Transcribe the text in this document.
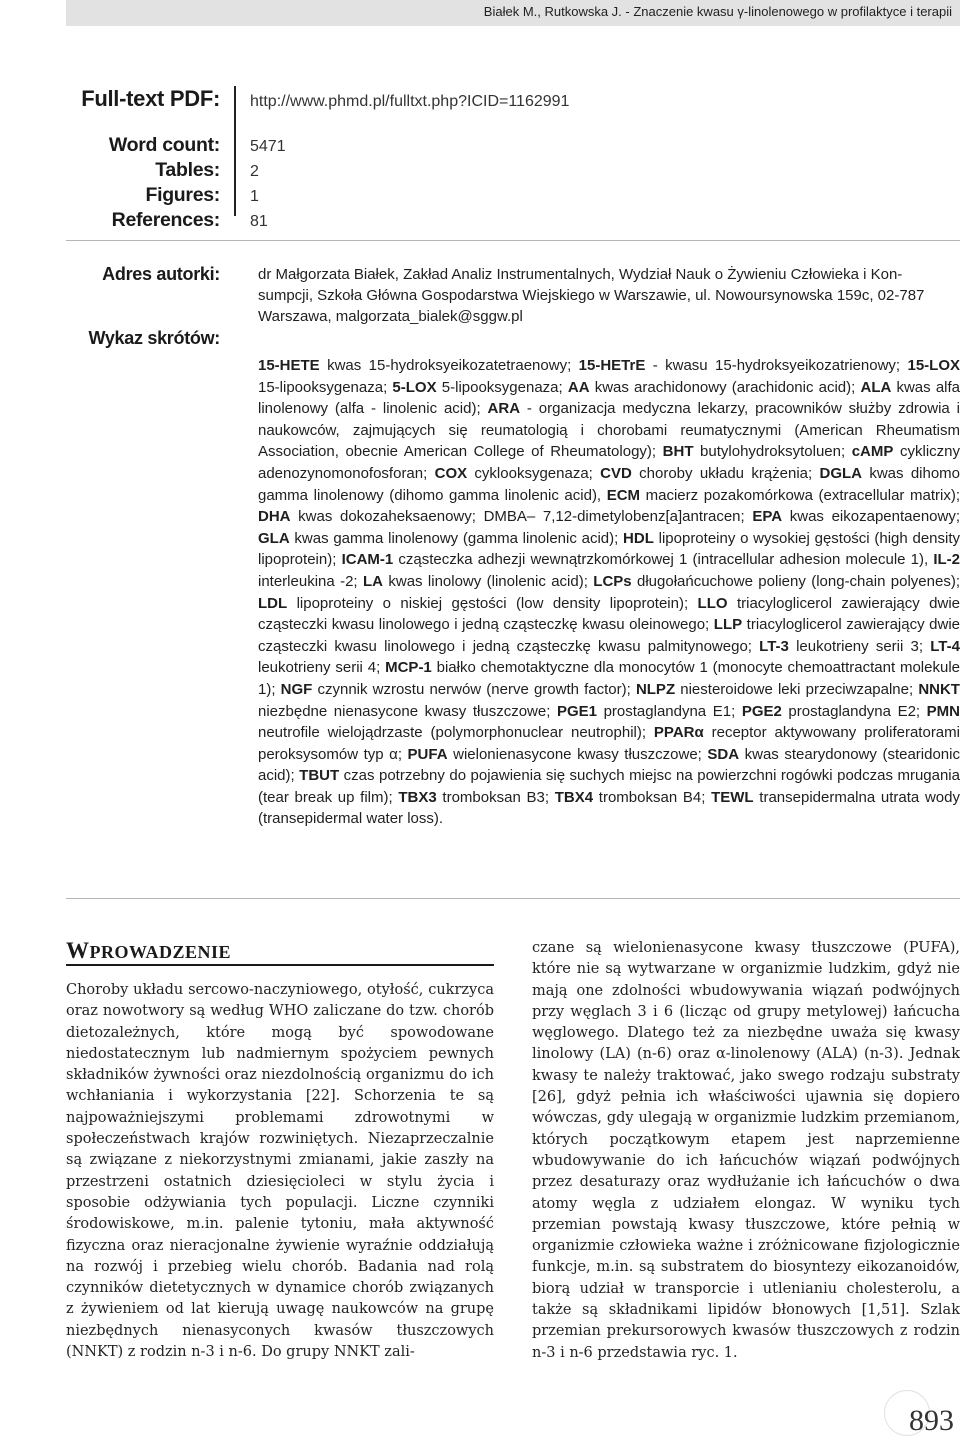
Białek M., Rutkowska J. - Znaczenie kwasu γ-linolenowego w profilaktyce i terapii
Full-text PDF: http://www.phmd.pl/fulltxt.php?ICID=1162991
Word count: 5471
Tables: 2
Figures: 1
References: 81
Adres autorki:	dr Małgorzata Białek, Zakład Analiz Instrumentalnych, Wydział Nauk o Żywieniu Człowieka i Kon-
sumpcji, Szkoła Główna Gospodarstwa Wiejskiego w Warszawie, ul. Nowoursynowska 159c, 02-787
Warszawa, malgorzata_bialek@sggw.pl
Wykaz skrótów:
15-HETE kwas 15-hydroksyeikozatetraenowy; 15-HETrE - kwasu 15-hydroksyeikozatrienowy; 15-LOX 15-lipooksygenaza; 5-LOX 5-lipooksygenaza; AA kwas arachidonowy (arachidonic acid); ALA kwas alfa linolenowy (alfa - linolenic acid); ARA - organizacja medyczna lekarzy, pracowników służby zdrowia i naukowców, zajmujących się reumatologią i chorobami reumatycznymi (American Rheumatism Association, obecnie American College of Rheumatology); BHT butylohydroksytoluen; cAMP cykliczny adenozynomonofosforan; COX cyklooksygenaza; CVD choroby układu krążenia; DGLA kwas dihomo gamma linolenowy (dihomo gamma linolenic acid), ECM macierz pozakomórkowa (extracellular matrix); DHA kwas dokozaheksaenowy; DMBA– 7,12-dimetylobenz[a]antracen; EPA kwas eikozapentaenowy; GLA kwas gamma linolenowy (gamma linolenic acid); HDL lipoproteiny o wysokiej gęstości (high density lipoprotein); ICAM-1 cząsteczka adhezji wewnątrzkomórkowej 1 (intracellular adhesion molecule 1), IL-2 interleukina -2; LA kwas linolowy (linolenic acid); LCPs długołańcuchowe polieny (long-chain polyenes); LDL lipoproteiny o niskiej gęstości (low density lipoprotein); LLO triacyloglicerol zawierający dwie cząsteczki kwasu linolowego i jedną cząsteczkę kwasu oleinowego; LLP triacyloglicerol zawierający dwie cząsteczki kwasu linolowego i jedną cząsteczkę kwasu palmitynowego; LT-3 leukotrieny serii 3; LT-4 leukotrieny serii 4; MCP-1 białko chemotaktyczne dla monocytów 1 (monocyte chemoattractant molekule 1); NGF czynnik wzrostu nerwów (nerve growth factor); NLPZ niesteroidowe leki przeciwzapalne; NNKT niezbędne nienasycone kwasy tłuszczowe; PGE1 prostaglandyna E1; PGE2 prostaglandyna E2; PMN neutrofile wielojądrzaste (polymorphonuclear neutrophil); PPARα receptor aktywowany proliferatorami peroksysomów typ α; PUFA wielonienasycone kwasy tłuszczowe; SDA kwas stearydonowy (stearidonic acid); TBUT czas potrzebny do pojawienia się suchych miejsc na powierzchni rogówki podczas mrugania (tear break up film); TBX3 tromboksan B3; TBX4 tromboksan B4; TEWL transepidermalna utrata wody (transepidermal water loss).
WPROWADZENIE
Choroby układu sercowo-naczyniowego, otyłość, cukrzyca oraz nowotwory są według WHO zaliczane do tzw. chorób dietozależnych, które mogą być spowodowane niedostatecznym lub nadmiernym spożyciem pewnych składników żywności oraz niezdolnością organizmu do ich wchłaniania i wykorzystania [22]. Schorzenia te są najpoważniejszymi problemami zdrowotnymi w społeczeństwach krajów rozwiniętych. Niezaprzeczalnie są związane z niekorzystnymi zmianami, jakie zaszły na przestrzeni ostatnich dziesięcioleci w stylu życia i sposobie odżywiania tych populacji. Liczne czynniki środowiskowe, m.in. palenie tytoniu, mała aktywność fizyczna oraz nieracjonalne żywienie wyraźnie oddziałują na rozwój i przebieg wielu chorób. Badania nad rolą czynników dietetycznych w dynamice chorób związanych z żywieniem od lat kierują uwagę naukowców na grupę niezbędnych nienasyconych kwasów tłuszczowych (NNKT) z rodzin n-3 i n-6. Do grupy NNKT zali-
czane są wielonienasycone kwasy tłuszczowe (PUFA), które nie są wytwarzane w organizmie ludzkim, gdyż nie mają one zdolności wbudowywania wiązań podwójnych przy węglach 3 i 6 (licząc od grupy metylowej) łańcucha węglowego. Dlatego też za niezbędne uważa się kwasy linolowy (LA) (n-6) oraz α-linolenowy (ALA) (n-3). Jednak kwasy te należy traktować, jako swego rodzaju substraty [26], gdyż pełnia ich właściwości ujawnia się dopiero wówczas, gdy ulegają w organizmie ludzkim przemianom, których początkowym etapem jest naprzemienne wbudowywanie do ich łańcuchów wiązań podwójnych przez desaturazy oraz wydłużanie ich łańcuchów o dwa atomy węgla z udziałem elongaz. W wyniku tych przemian powstają kwasy tłuszczowe, które pełnią w organizmie człowieka ważne i zróżnicowane fizjologicznie funkcje, m.in. są substratem do biosyntezy eikozanoidów, biorą udział w transporcie i utlenianiu cholesterolu, a także są składnikami lipidów błonowych [1,51]. Szlak przemian prekursorowych kwasów tłuszczowych z rodzin n-3 i n-6 przedstawia ryc. 1.
893
